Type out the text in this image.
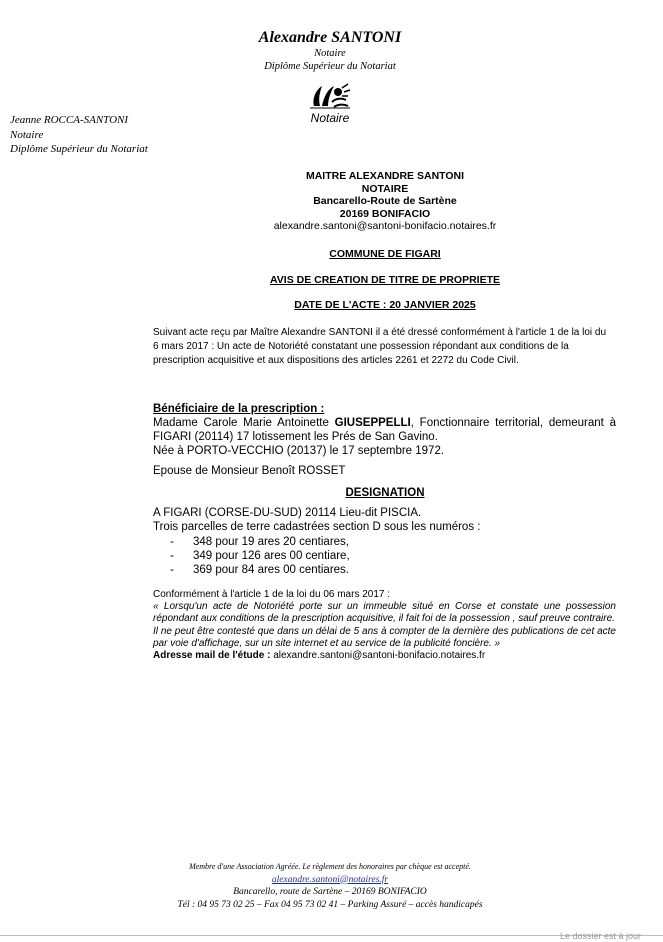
Alexandre SANTONI
Notaire
Diplôme Supérieur du Notariat
Notaire
Jeanne ROCCA-SANTONI
Notaire
Diplôme Supérieur du Notariat
MAITRE ALEXANDRE SANTONI
NOTAIRE
Bancarello-Route de Sartène
20169 BONIFACIO
alexandre.santoni@santoni-bonifacio.notaires.fr
COMMUNE DE FIGARI
AVIS DE CREATION DE TITRE DE PROPRIETE
DATE DE L'ACTE : 20 JANVIER 2025
Suivant acte reçu par Maître Alexandre SANTONI il a été dressé conformément à l'article 1 de la loi du 6 mars 2017 : Un acte de Notoriété constatant une possession répondant aux conditions de la prescription acquisitive et aux dispositions des articles 2261 et 2272 du Code Civil.
Bénéficiaire de la prescription :
Madame Carole Marie Antoinette GIUSEPPELLI, Fonctionnaire territorial, demeurant à FIGARI (20114) 17 lotissement les Prés de San Gavino.
Née à PORTO-VECCHIO (20137) le 17 septembre 1972.
Epouse de Monsieur Benoît ROSSET
DESIGNATION
A FIGARI (CORSE-DU-SUD) 20114 Lieu-dit PISCIA.
Trois parcelles de terre cadastrées section D sous les numéros :
- 348 pour 19 ares 20 centiares,
- 349 pour 126 ares 00 centiare,
- 369 pour 84 ares 00 centiares.
Conformément à l'article 1 de la loi du 06 mars 2017 :
« Lorsqu'un acte de Notoriété porte sur un immeuble situé en Corse et constate une possession répondant aux conditions de la prescription acquisitive, il fait foi de la possession , sauf preuve contraire.
Il ne peut être contesté que dans un délai de 5 ans à compter de la dernière des publications de cet acte par voie d'affichage, sur un site internet et au service de la publicité foncière. »
Adresse mail de l'étude : alexandre.santoni@santoni-bonifacio.notaires.fr
Membre d'une Association Agréée. Le règlement des honoraires par chèque est accepté.
alexandre.santoni@notaires.fr
Bancarello, route de Sartène – 20169 BONIFACIO
Tél : 04 95 73 02 25 – Fax 04 95 73 02 41 – Parking Assuré – accès handicapés
Le dossier est à jour
